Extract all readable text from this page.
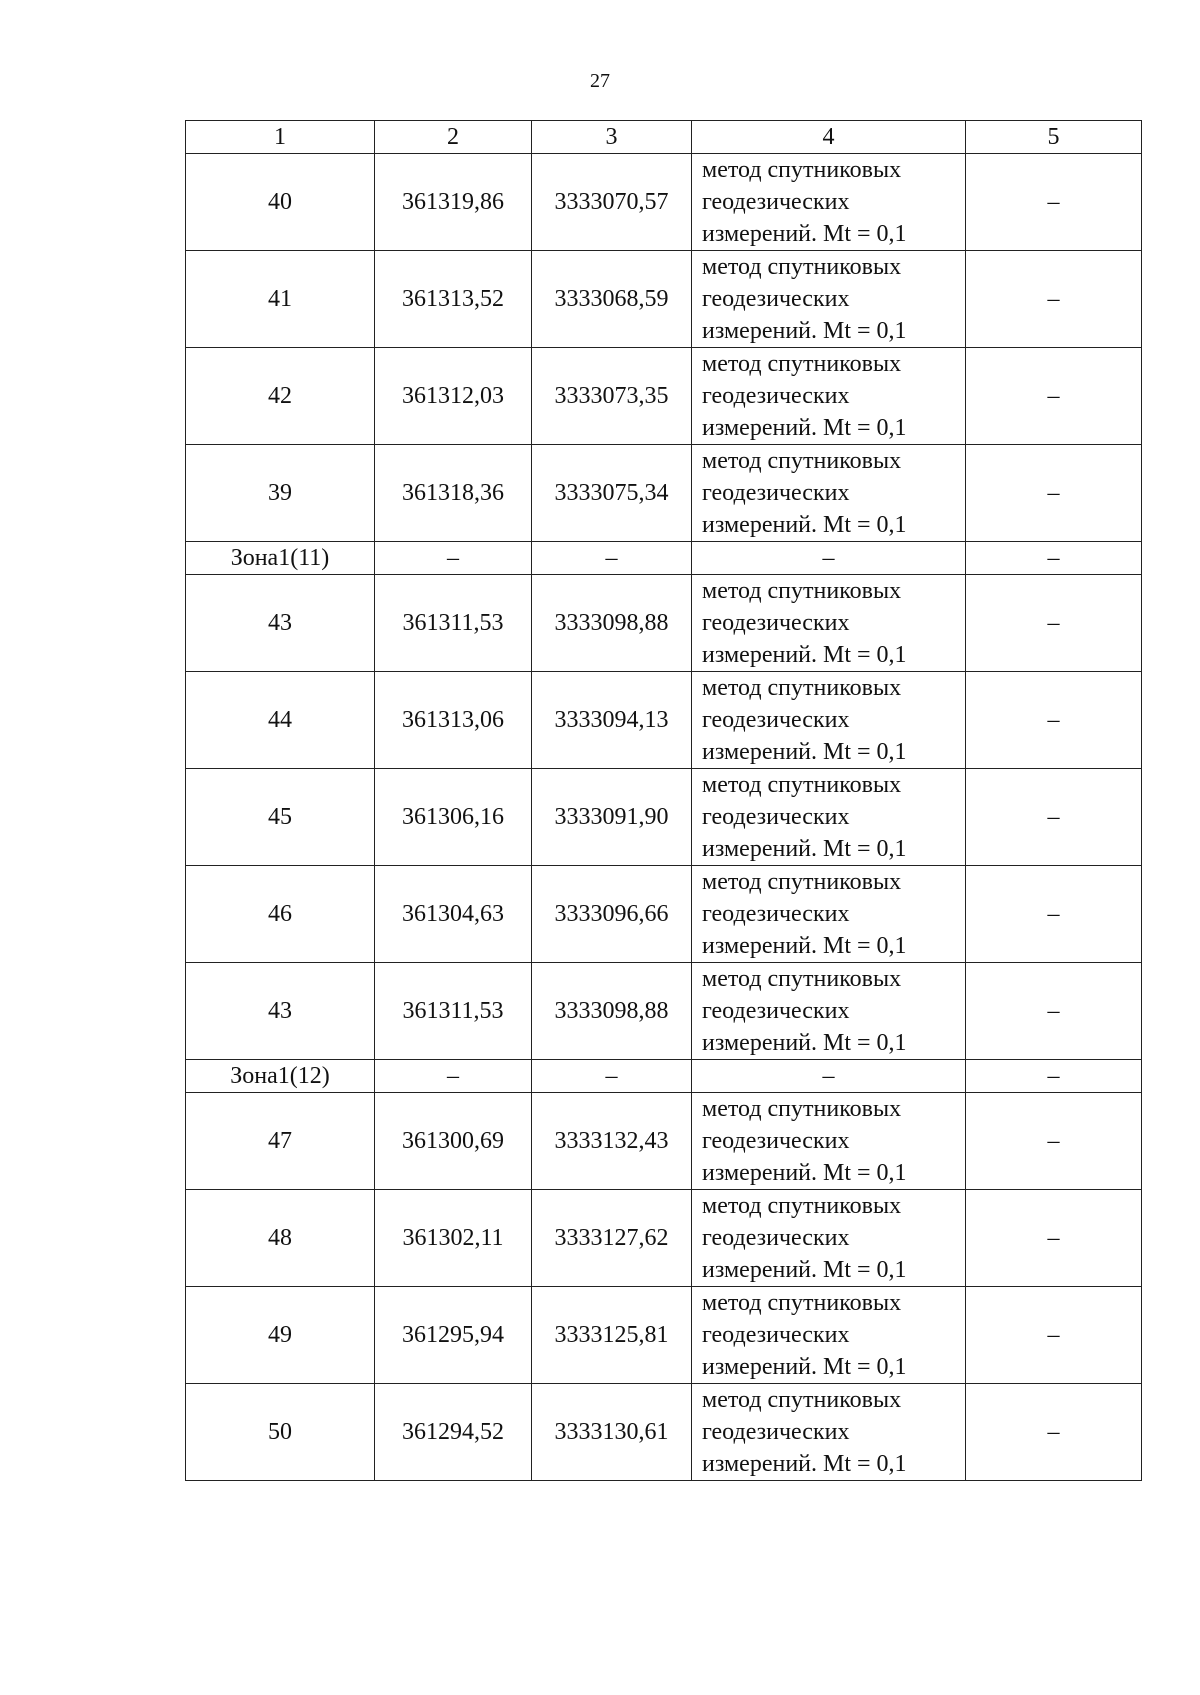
27
1	2	3	4	5
40	361319,86	3333070,57	метод спутниковых
геодезических
измерений. Mt = 0,1	–
41	361313,52	3333068,59	метод спутниковых
геодезических
измерений. Mt = 0,1	–
42	361312,03	3333073,35	метод спутниковых
геодезических
измерений. Mt = 0,1	–
39	361318,36	3333075,34	метод спутниковых
геодезических
измерений. Mt = 0,1	–
Зона1(11)	–	–	–	–
43	361311,53	3333098,88	метод спутниковых
геодезических
измерений. Mt = 0,1	–
44	361313,06	3333094,13	метод спутниковых
геодезических
измерений. Mt = 0,1	–
45	361306,16	3333091,90	метод спутниковых
геодезических
измерений. Mt = 0,1	–
46	361304,63	3333096,66	метод спутниковых
геодезических
измерений. Mt = 0,1	–
43	361311,53	3333098,88	метод спутниковых
геодезических
измерений. Mt = 0,1	–
Зона1(12)	–	–	–	–
47	361300,69	3333132,43	метод спутниковых
геодезических
измерений. Mt = 0,1	–
48	361302,11	3333127,62	метод спутниковых
геодезических
измерений. Mt = 0,1	–
49	361295,94	3333125,81	метод спутниковых
геодезических
измерений. Mt = 0,1	–
50	361294,52	3333130,61	метод спутниковых
геодезических
измерений. Mt = 0,1	–
